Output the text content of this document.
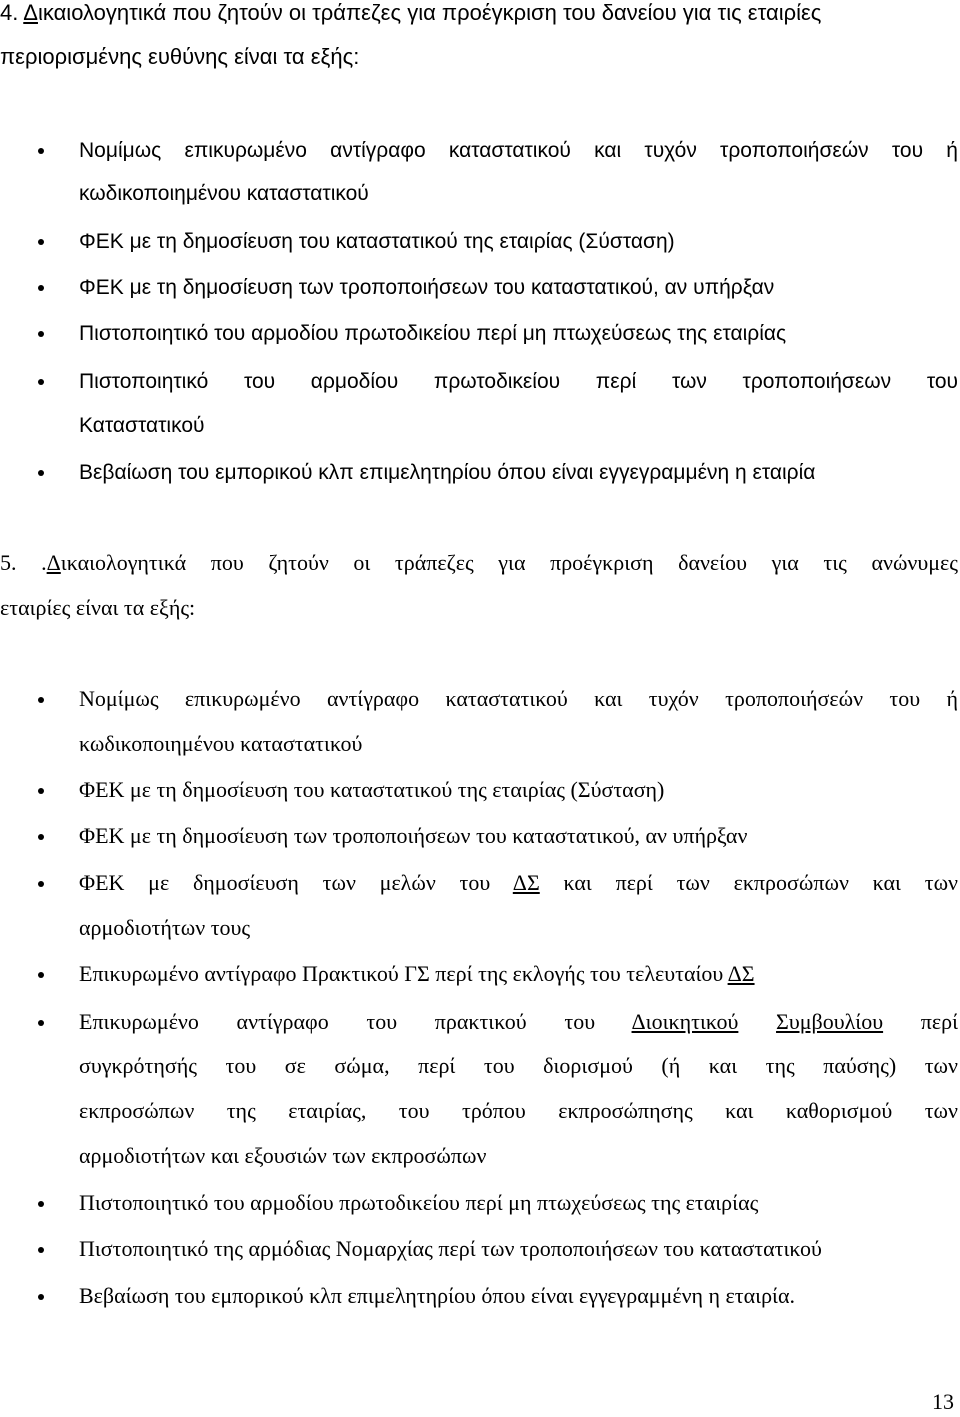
4. Δικαιολογητικά που ζητούν οι τράπεζες για προέγκριση του δανείου για τις εταιρίες
περιορισμένης ευθύνης είναι τα εξής:
Νομίμως επικυρωμένο αντίγραφο καταστατικού και τυχόν τροποποιήσεών του ή
κωδικοποιημένου καταστατικού
ΦΕΚ με τη δημοσίευση του καταστατικού της εταιρίας (Σύσταση)
ΦΕΚ με τη δημοσίευση των τροποποιήσεων του καταστατικού, αν υπήρξαν
Πιστοποιητικό του αρμοδίου πρωτοδικείου περί μη πτωχεύσεως της εταιρίας
Πιστοποιητικό του αρμοδίου πρωτοδικείου περί των τροποποιήσεων του
Καταστατικού
Βεβαίωση του εμπορικού κλπ επιμελητηρίου όπου είναι εγγεγραμμένη η εταιρία
5. .Δικαιολογητικά που ζητούν οι τράπεζες για προέγκριση δανείου για τις ανώνυμες
εταιρίες είναι τα εξής:
Νομίμως επικυρωμένο αντίγραφο καταστατικού και τυχόν τροποποιήσεών του ή
κωδικοποιημένου καταστατικού
ΦΕΚ με τη δημοσίευση του καταστατικού της εταιρίας (Σύσταση)
ΦΕΚ με τη δημοσίευση των τροποποιήσεων του καταστατικού, αν υπήρξαν
ΦΕΚ με δημοσίευση των μελών του ΔΣ και περί των εκπροσώπων και των
αρμοδιοτήτων τους
Επικυρωμένο αντίγραφο Πρακτικού ΓΣ περί της εκλογής του τελευταίου ΔΣ
Επικυρωμένο αντίγραφο του πρακτικού του Διοικητικού Συμβουλίου περί
συγκρότησής του σε σώμα, περί του διορισμού (ή και της παύσης) των
εκπροσώπων της εταιρίας, του τρόπου εκπροσώπησης και καθορισμού των
αρμοδιοτήτων και εξουσιών των εκπροσώπων
Πιστοποιητικό του αρμοδίου πρωτοδικείου περί μη πτωχεύσεως της εταιρίας
Πιστοποιητικό της αρμόδιας Νομαρχίας περί των τροποποιήσεων του καταστατικού
Βεβαίωση του εμπορικού κλπ επιμελητηρίου όπου είναι εγγεγραμμένη η εταιρία.
13
